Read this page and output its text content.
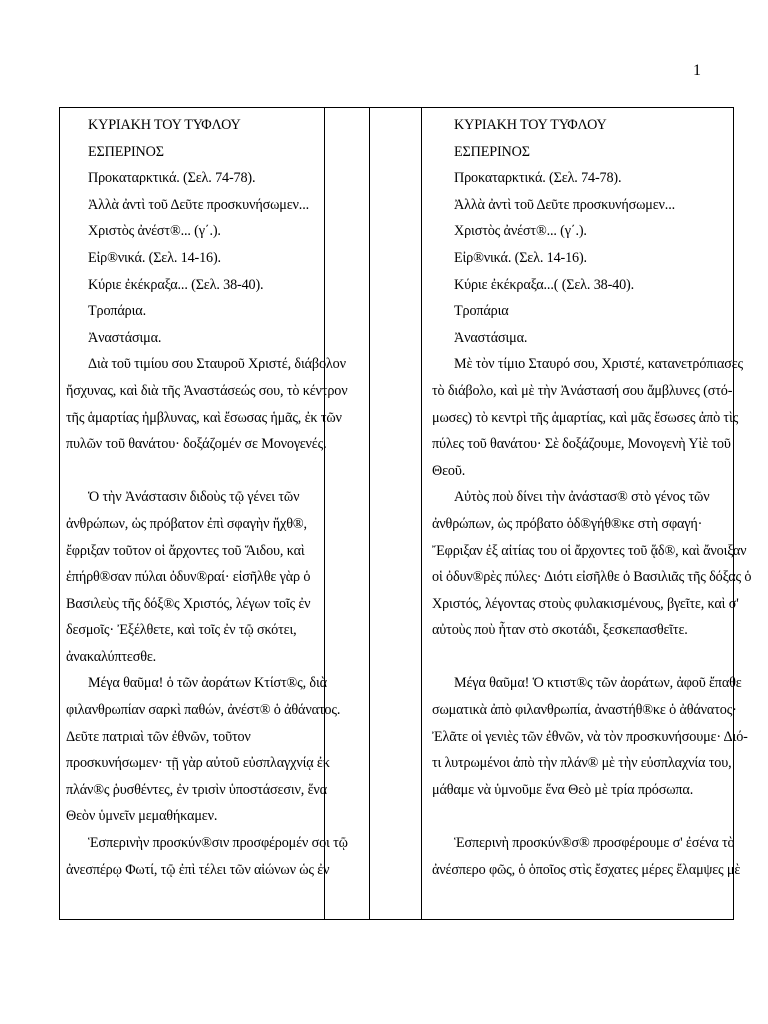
1
ΚΥΡΙΑΚΗ ΤΟΥ ΤΥΦΛΟΥ
ΕΣΠΕΡΙΝΟΣ
Προκαταρκτικά. (Σελ. 74-78).
Ἀλλὰ ἀντὶ τοῦ Δεῦτε προσκυνήσωμεν...
Χριστὸς ἀνέστ®... (γ΄.).
Εἰρ®νικά. (Σελ. 14-16).
Κύριε ἐκέκραξα... (Σελ. 38-40).
Τροπάρια.
Ἀναστάσιμα.
Διὰ τοῦ τιμίου σου Σταυροῦ Χριστέ, διάβολον
ἤσχυνας, καὶ διὰ τῆς Ἀναστάσεώς σου, τὸ κέντρον
τῆς ἁμαρτίας ἠμβλυνας, καὶ ἔσωσας ἡμᾶς, ἐκ τῶν
πυλῶν τοῦ θανάτου· δοξάζομέν σε Μονογενές.
Ὁ τὴν Ἀνάστασιν διδοὺς τῷ γένει τῶν
ἀνθρώπων, ὡς πρόβατον ἐπὶ σφαγὴν ἤχθ®,
ἔφριξαν τοῦτον οἱ ἄρχοντες τοῦ Ἅιδου, καὶ
ἐπήρθ®σαν πύλαι ὀδυν®ραί· εἰσῆλθε γὰρ ὁ
Βασιλεὺς τῆς δόξ®ς Χριστός, λέγων τοῖς ἐν
δεσμοῖς· Ἐξέλθετε, καὶ τοῖς ἐν τῷ σκότει,
ἀνακαλύπτεσθε.
Μέγα θαῦμα! ὁ τῶν ἀοράτων Κτίστ®ς, διὰ
φιλανθρωπίαν σαρκὶ παθών, ἀνέστ® ὁ ἀθάνατος.
Δεῦτε πατριαὶ τῶν ἐθνῶν, τοῦτον
προσκυνήσωμεν· τῇ γὰρ αὐτοῦ εὐσπλαγχνίᾳ ἐκ
πλάν®ς ῥυσθέντες, ἐν τρισὶν ὑποστάσεσιν, ἕνα
Θεὸν ὑμνεῖν μεμαθήκαμεν.
Ἑσπερινὴν προσκύν®σιν προσφέρομέν σοι τῷ
ἀνεσπέρῳ Φωτί, τῷ ἐπὶ τέλει τῶν αἰώνων ὡς ἐν
ΚΥΡΙΑΚΗ ΤΟΥ ΤΥΦΛΟΥ
ΕΣΠΕΡΙΝΟΣ
Προκαταρκτικά. (Σελ. 74-78).
Ἀλλὰ ἀντὶ τοῦ Δεῦτε προσκυνήσωμεν...
Χριστὸς ἀνέστ®... (γ΄.).
Εἰρ®νικά. (Σελ. 14-16).
Κύριε ἐκέκραξα...( (Σελ. 38-40).
Τροπάρια
Ἀναστάσιμα.
Μὲ τὸν τίμιο Σταυρό σου, Χριστέ, κατανετρόπιασες
τὸ διάβολο, καὶ μὲ τὴν Ἀνάστασή σου ἄμβλυνες (στό-
μωσες) τὸ κεντρὶ τῆς ἁμαρτίας, καὶ μᾶς ἔσωσες ἀπὸ τὶς
πύλες τοῦ θανάτου· Σὲ δοξάζουμε, Μονογενὴ Υἱὲ τοῦ
Θεοῦ.
Αὐτὸς ποὺ δίνει τὴν ἀνάστασ® στὸ γένος τῶν
ἀνθρώπων, ὡς πρόβατο ὁδ®γήθ®κε στὴ σφαγή·
Ἔφριξαν ἐξ αἰτίας του οἱ ἄρχοντες τοῦ ᾅδ®, καὶ ἄνοιξαν
οἱ ὀδυν®ρὲς πύλες· Διότι εἰσῆλθε ὁ Βασιλιᾶς τῆς δόξας ὁ
Χριστός, λέγοντας στοὺς φυλακισμένους, βγεῖτε, καὶ σ'
αὐτοὺς ποὺ ἦταν στὸ σκοτάδι, ξεσκεπασθεῖτε.
Μέγα θαῦμα! Ὁ κτιστ®ς τῶν ἀοράτων, ἀφοῦ ἔπαθε
σωματικὰ ἀπὸ φιλανθρωπία, ἀναστήθ®κε ὁ ἀθάνατος·
Ἐλᾶτε οἱ γενιὲς τῶν ἐθνῶν, νὰ τὸν προσκυνήσουμε· Διό-
τι λυτρωμένοι ἀπὸ τὴν πλάν® μὲ τὴν εὐσπλαχνία του,
μάθαμε νὰ ὑμνοῦμε ἕνα Θεὸ μὲ τρία πρόσωπα.
Ἑσπερινὴ προσκύν®σ® προσφέρουμε σ' ἐσένα τὸ
ἀνέσπερο φῶς, ὁ ὁποῖος στὶς ἔσχατες μέρες ἔλαμψες μὲ
